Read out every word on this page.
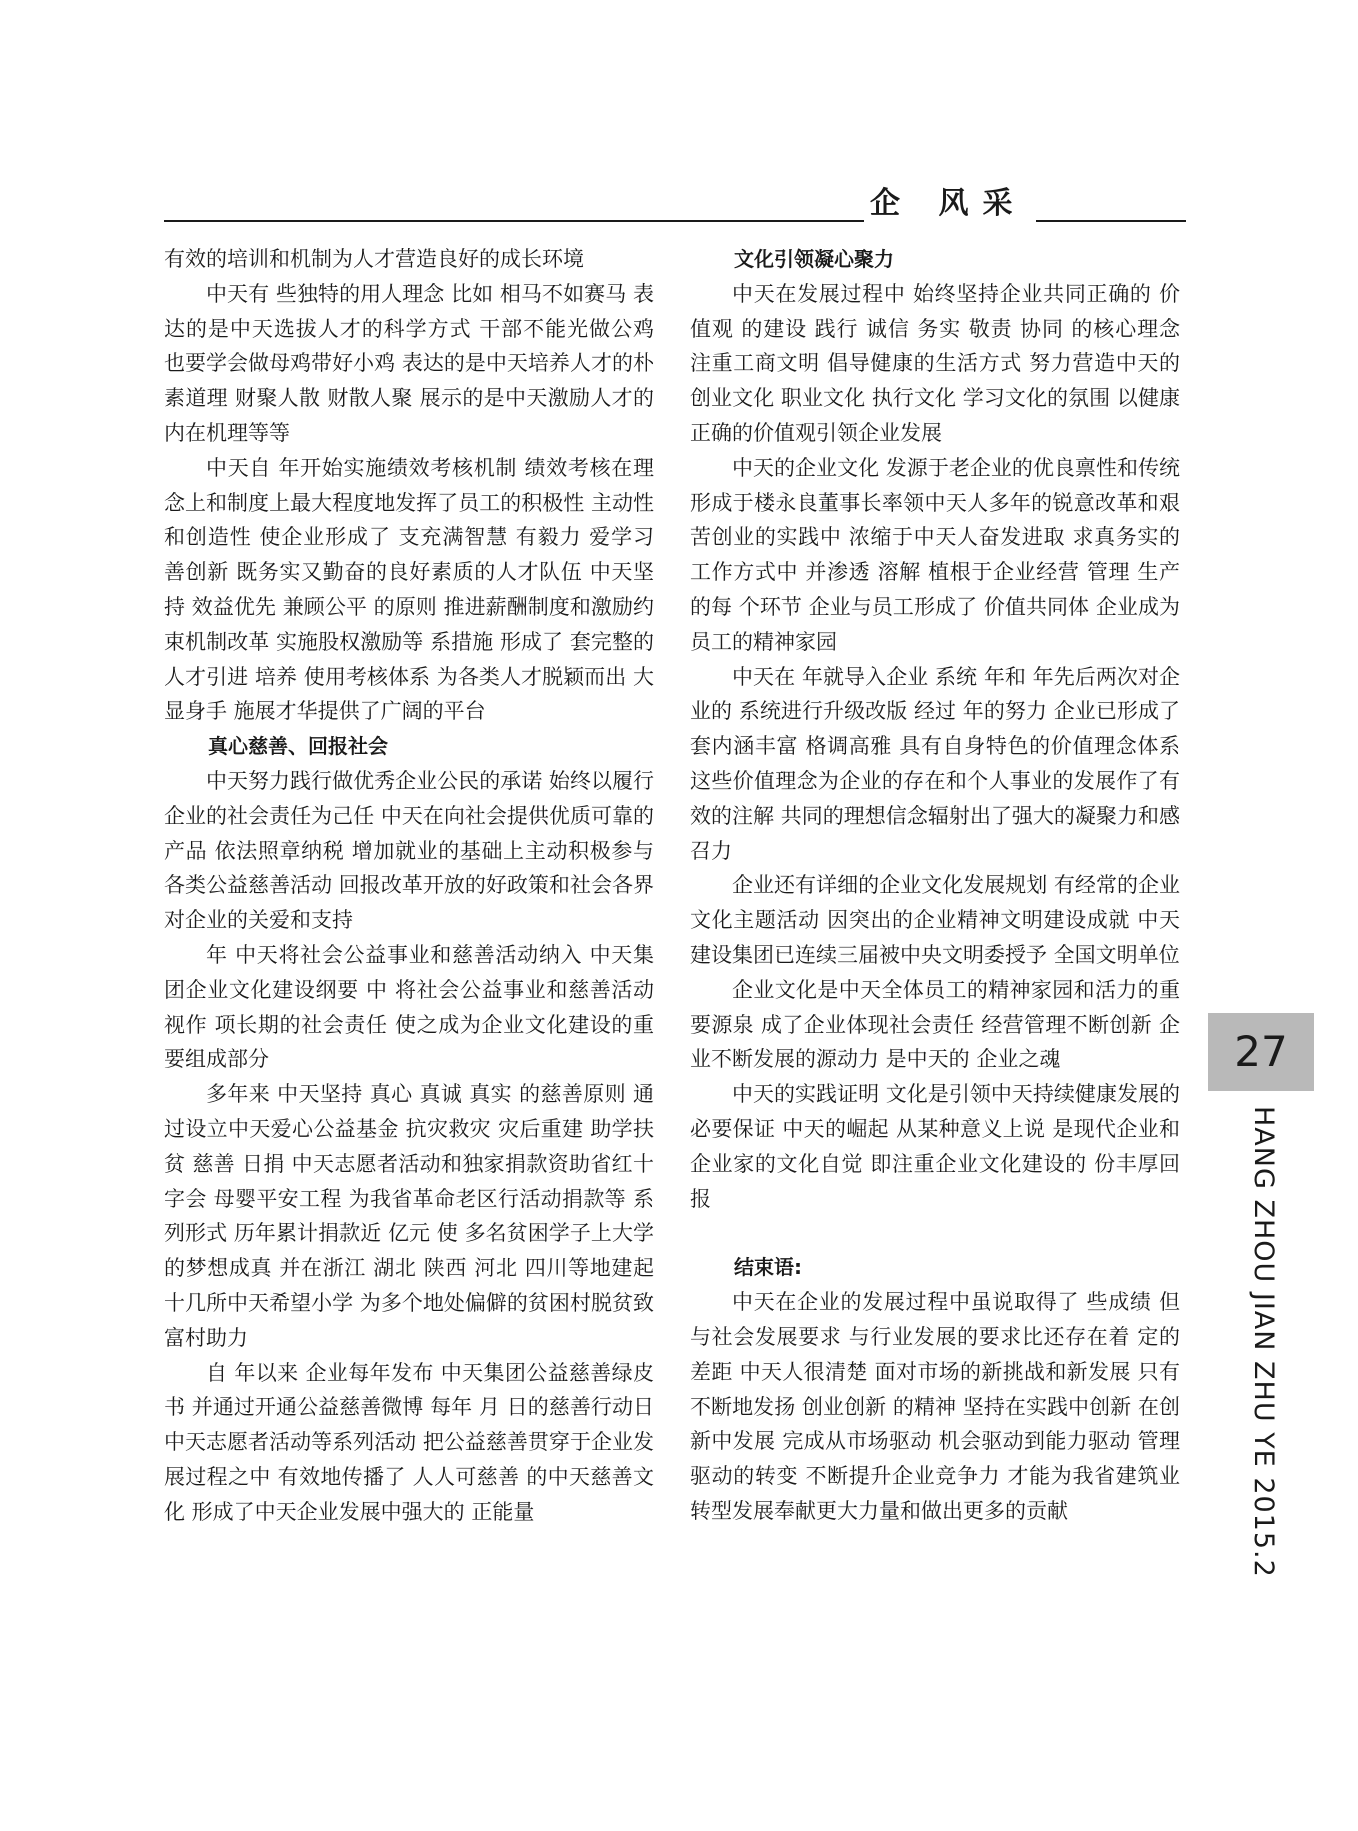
企 风采

有效的培训和机制为人才营造良好的成长环境

中天有 些独特的用人理念 比如 相马不如赛马 表达的是中天选拔人才的科学方式 干部不能光做公鸡 也要学会做母鸡带好小鸡 表达的是中天培养人才的朴素道理 财聚人散 财散人聚 展示的是中天激励人才的内在机理等等

中天自 年开始实施绩效考核机制 绩效考核在理念上和制度上最大程度地发挥了员工的积极性 主动性和创造性 使企业形成了 支充满智慧 有毅力 爱学习 善创新 既务实又勤奋的良好素质的人才队伍 中天坚持 效益优先 兼顾公平 的原则 推进薪酬制度和激励约束机制改革 实施股权激励等 系措施 形成了 套完整的人才引进 培养 使用考核体系 为各类人才脱颖而出 大显身手 施展才华提供了广阔的平台

真心慈善、回报社会

中天努力践行做优秀企业公民的承诺 始终以履行企业的社会责任为己任 中天在向社会提供优质可靠的产品 依法照章纳税 增加就业的基础上主动积极参与各类公益慈善活动 回报改革开放的好政策和社会各界对企业的关爱和支持

年 中天将社会公益事业和慈善活动纳入 中天集团企业文化建设纲要 中 将社会公益事业和慈善活动视作 项长期的社会责任 使之成为企业文化建设的重要组成部分

多年来 中天坚持 真心 真诚 真实 的慈善原则 通过设立中天爱心公益基金 抗灾救灾 灾后重建 助学扶贫 慈善 日捐 中天志愿者活动和独家捐款资助省红十字会 母婴平安工程 为我省革命老区行活动捐款等 系列形式 历年累计捐款近 亿元 使 多名贫困学子上大学的梦想成真 并在浙江 湖北 陕西 河北 四川等地建起十几所中天希望小学 为多个地处偏僻的贫困村脱贫致富村助力

自 年以来 企业每年发布 中天集团公益慈善绿皮书 并通过开通公益慈善微博 每年 月 日的慈善行动日 中天志愿者活动等系列活动 把公益慈善贯穿于企业发展过程之中 有效地传播了 人人可慈善 的中天慈善文化 形成了中天企业发展中强大的 正能量

文化引领凝心聚力

中天在发展过程中 始终坚持企业共同正确的 价值观 的建设 践行 诚信 务实 敬责 协同 的核心理念 注重工商文明 倡导健康的生活方式 努力营造中天的创业文化 职业文化 执行文化 学习文化的氛围 以健康正确的价值观引领企业发展

中天的企业文化 发源于老企业的优良禀性和传统 形成于楼永良董事长率领中天人多年的锐意改革和艰苦创业的实践中 浓缩于中天人奋发进取 求真务实的工作方式中 并渗透 溶解 植根于企业经营 管理 生产的每 个环节 企业与员工形成了 价值共同体 企业成为员工的精神家园

中天在 年就导入企业 系统 年和 年先后两次对企业的 系统进行升级改版 经过 年的努力 企业已形成了 套内涵丰富 格调高雅 具有自身特色的价值理念体系 这些价值理念为企业的存在和个人事业的发展作了有效的注解 共同的理想信念辐射出了强大的凝聚力和感召力

企业还有详细的企业文化发展规划 有经常的企业文化主题活动 因突出的企业精神文明建设成就 中天建设集团已连续三届被中央文明委授予 全国文明单位

企业文化是中天全体员工的精神家园和活力的重要源泉 成了企业体现社会责任 经营管理不断创新 企业不断发展的源动力 是中天的 企业之魂

中天的实践证明 文化是引领中天持续健康发展的必要保证 中天的崛起 从某种意义上说 是现代企业和企业家的文化自觉 即注重企业文化建设的 份丰厚回报

结束语:

中天在企业的发展过程中虽说取得了 些成绩 但与社会发展要求 与行业发展的要求比还存在着 定的差距 中天人很清楚 面对市场的新挑战和新发展 只有不断地发扬 创业创新 的精神 坚持在实践中创新 在创新中发展 完成从市场驱动 机会驱动到能力驱动 管理驱动的转变 不断提升企业竞争力 才能为我省建筑业转型发展奉献更大力量和做出更多的贡献

27
HANG ZHOU JIAN ZHU YE 2015.2
